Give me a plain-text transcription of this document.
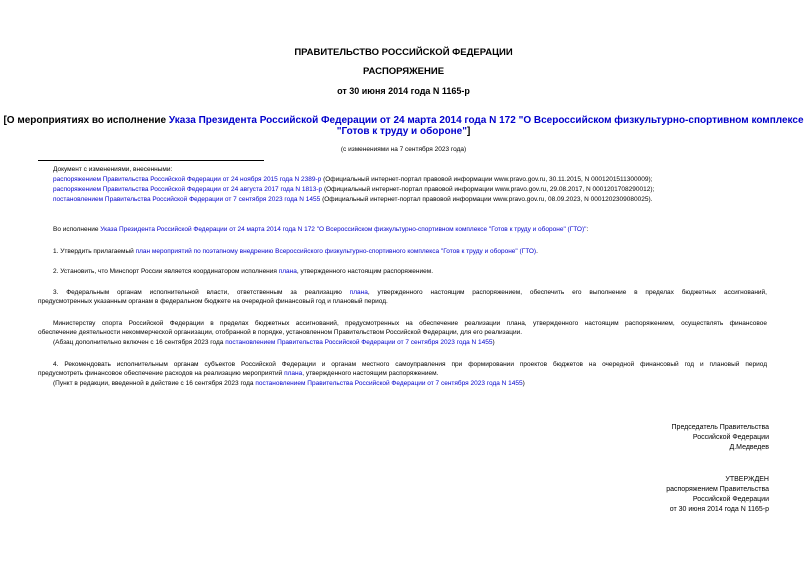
ПРАВИТЕЛЬСТВО РОССИЙСКОЙ ФЕДЕРАЦИИ
РАСПОРЯЖЕНИЕ
от 30 июня 2014 года N 1165-р
[О мероприятиях во исполнение Указа Президента Российской Федерации от 24 марта 2014 года N 172 "О Всероссийском физкультурно-спортивном комплексе
"Готов к труду и обороне"]
(с изменениями на 7 сентября 2023 года)
Документ с изменениями, внесенными:
распоряжением Правительства Российской Федерации от 24 ноября 2015 года N 2389-р (Официальный интернет-портал правовой информации www.pravo.gov.ru, 30.11.2015, N 0001201511300009);
распоряжением Правительства Российской Федерации от 24 августа 2017 года N 1813-р (Официальный интернет-портал правовой информации www.pravo.gov.ru, 29.08.2017, N 0001201708290012);
постановлением Правительства Российской Федерации от 7 сентября 2023 года N 1455 (Официальный интернет-портал правовой информации www.pravo.gov.ru, 08.09.2023, N 0001202309080025).
Во исполнение Указа Президента Российской Федерации от 24 марта 2014 года N 172 "О Всероссийском физкультурно-спортивном комплексе "Готов к труду и обороне" (ГТО)":
1. Утвердить прилагаемый план мероприятий по поэтапному внедрению Всероссийского физкультурно-спортивного комплекса "Готов к труду и обороне" (ГТО).
2. Установить, что Минспорт России является координатором исполнения плана, утвержденного настоящим распоряжением.
3. Федеральным органам исполнительной власти, ответственным за реализацию плана, утвержденного настоящим распоряжением, обеспечить его выполнение в пределах бюджетных ассигнований,
предусмотренных указанным органам в федеральном бюджете на очередной финансовый год и плановый период.
Министерству спорта Российской Федерации в пределах бюджетных ассигнований, предусмотренных на обеспечение реализации плана, утвержденного настоящим распоряжением, осуществлять финансовое
обеспечение деятельности некоммерческой организации, отобранной в порядке, установленном Правительством Российской Федерации, для его реализации.
(Абзац дополнительно включен с 16 сентября 2023 года постановлением Правительства Российской Федерации от 7 сентября 2023 года N 1455)
4. Рекомендовать исполнительным органам субъектов Российской Федерации и органам местного самоуправления при формировании проектов бюджетов на очередной финансовый год и плановый период
предусмотреть финансовое обеспечение расходов на реализацию мероприятий плана, утвержденного настоящим распоряжением.
(Пункт в редакции, введенной в действие с 16 сентября 2023 года постановлением Правительства Российской Федерации от 7 сентября 2023 года N 1455)
Председатель Правительства
Российской Федерации
Д.Медведев
УТВЕРЖДЕН
распоряжением Правительства
Российской Федерации
от 30 июня 2014 года N 1165-р
